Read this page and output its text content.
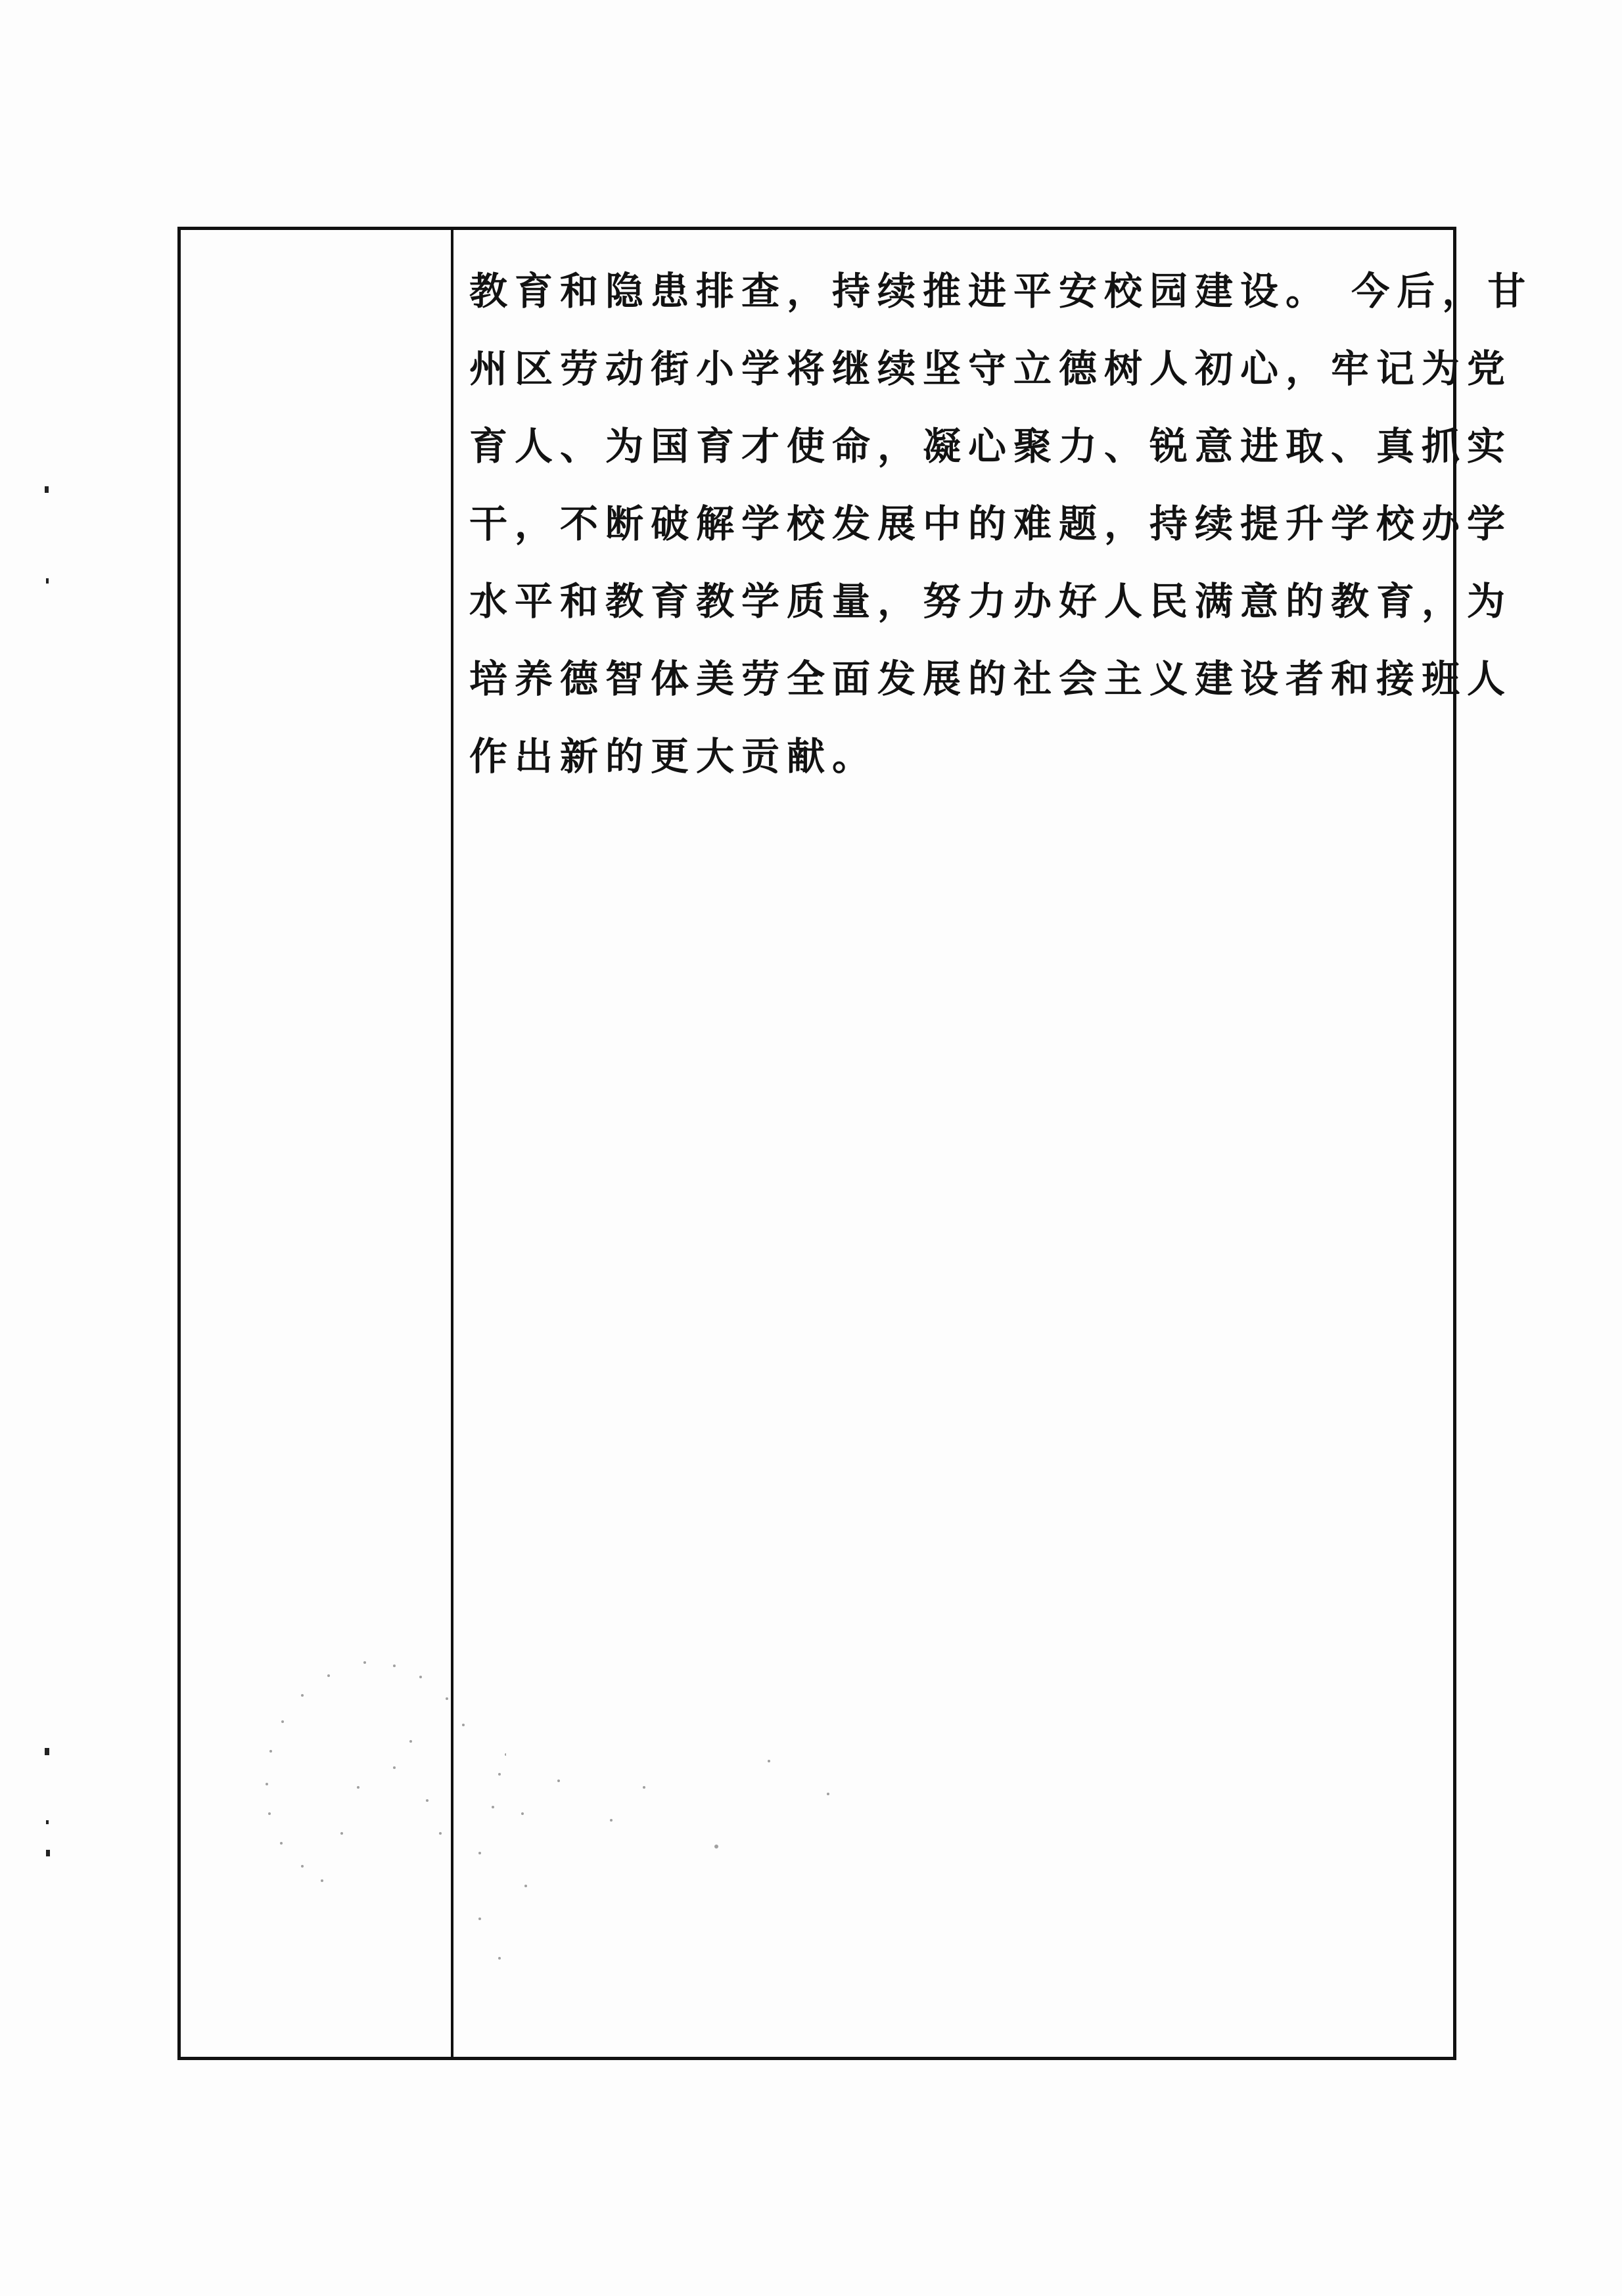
教育和隐患排查，持续推进平安校园建设。 今后，甘
州区劳动街小学将继续坚守立德树人初心，牢记为党
育人、为国育才使命，凝心聚力、锐意进取、真抓实
干，不断破解学校发展中的难题，持续提升学校办学
水平和教育教学质量，努力办好人民满意的教育，为
培养德智体美劳全面发展的社会主义建设者和接班人
作出新的更大贡献。
